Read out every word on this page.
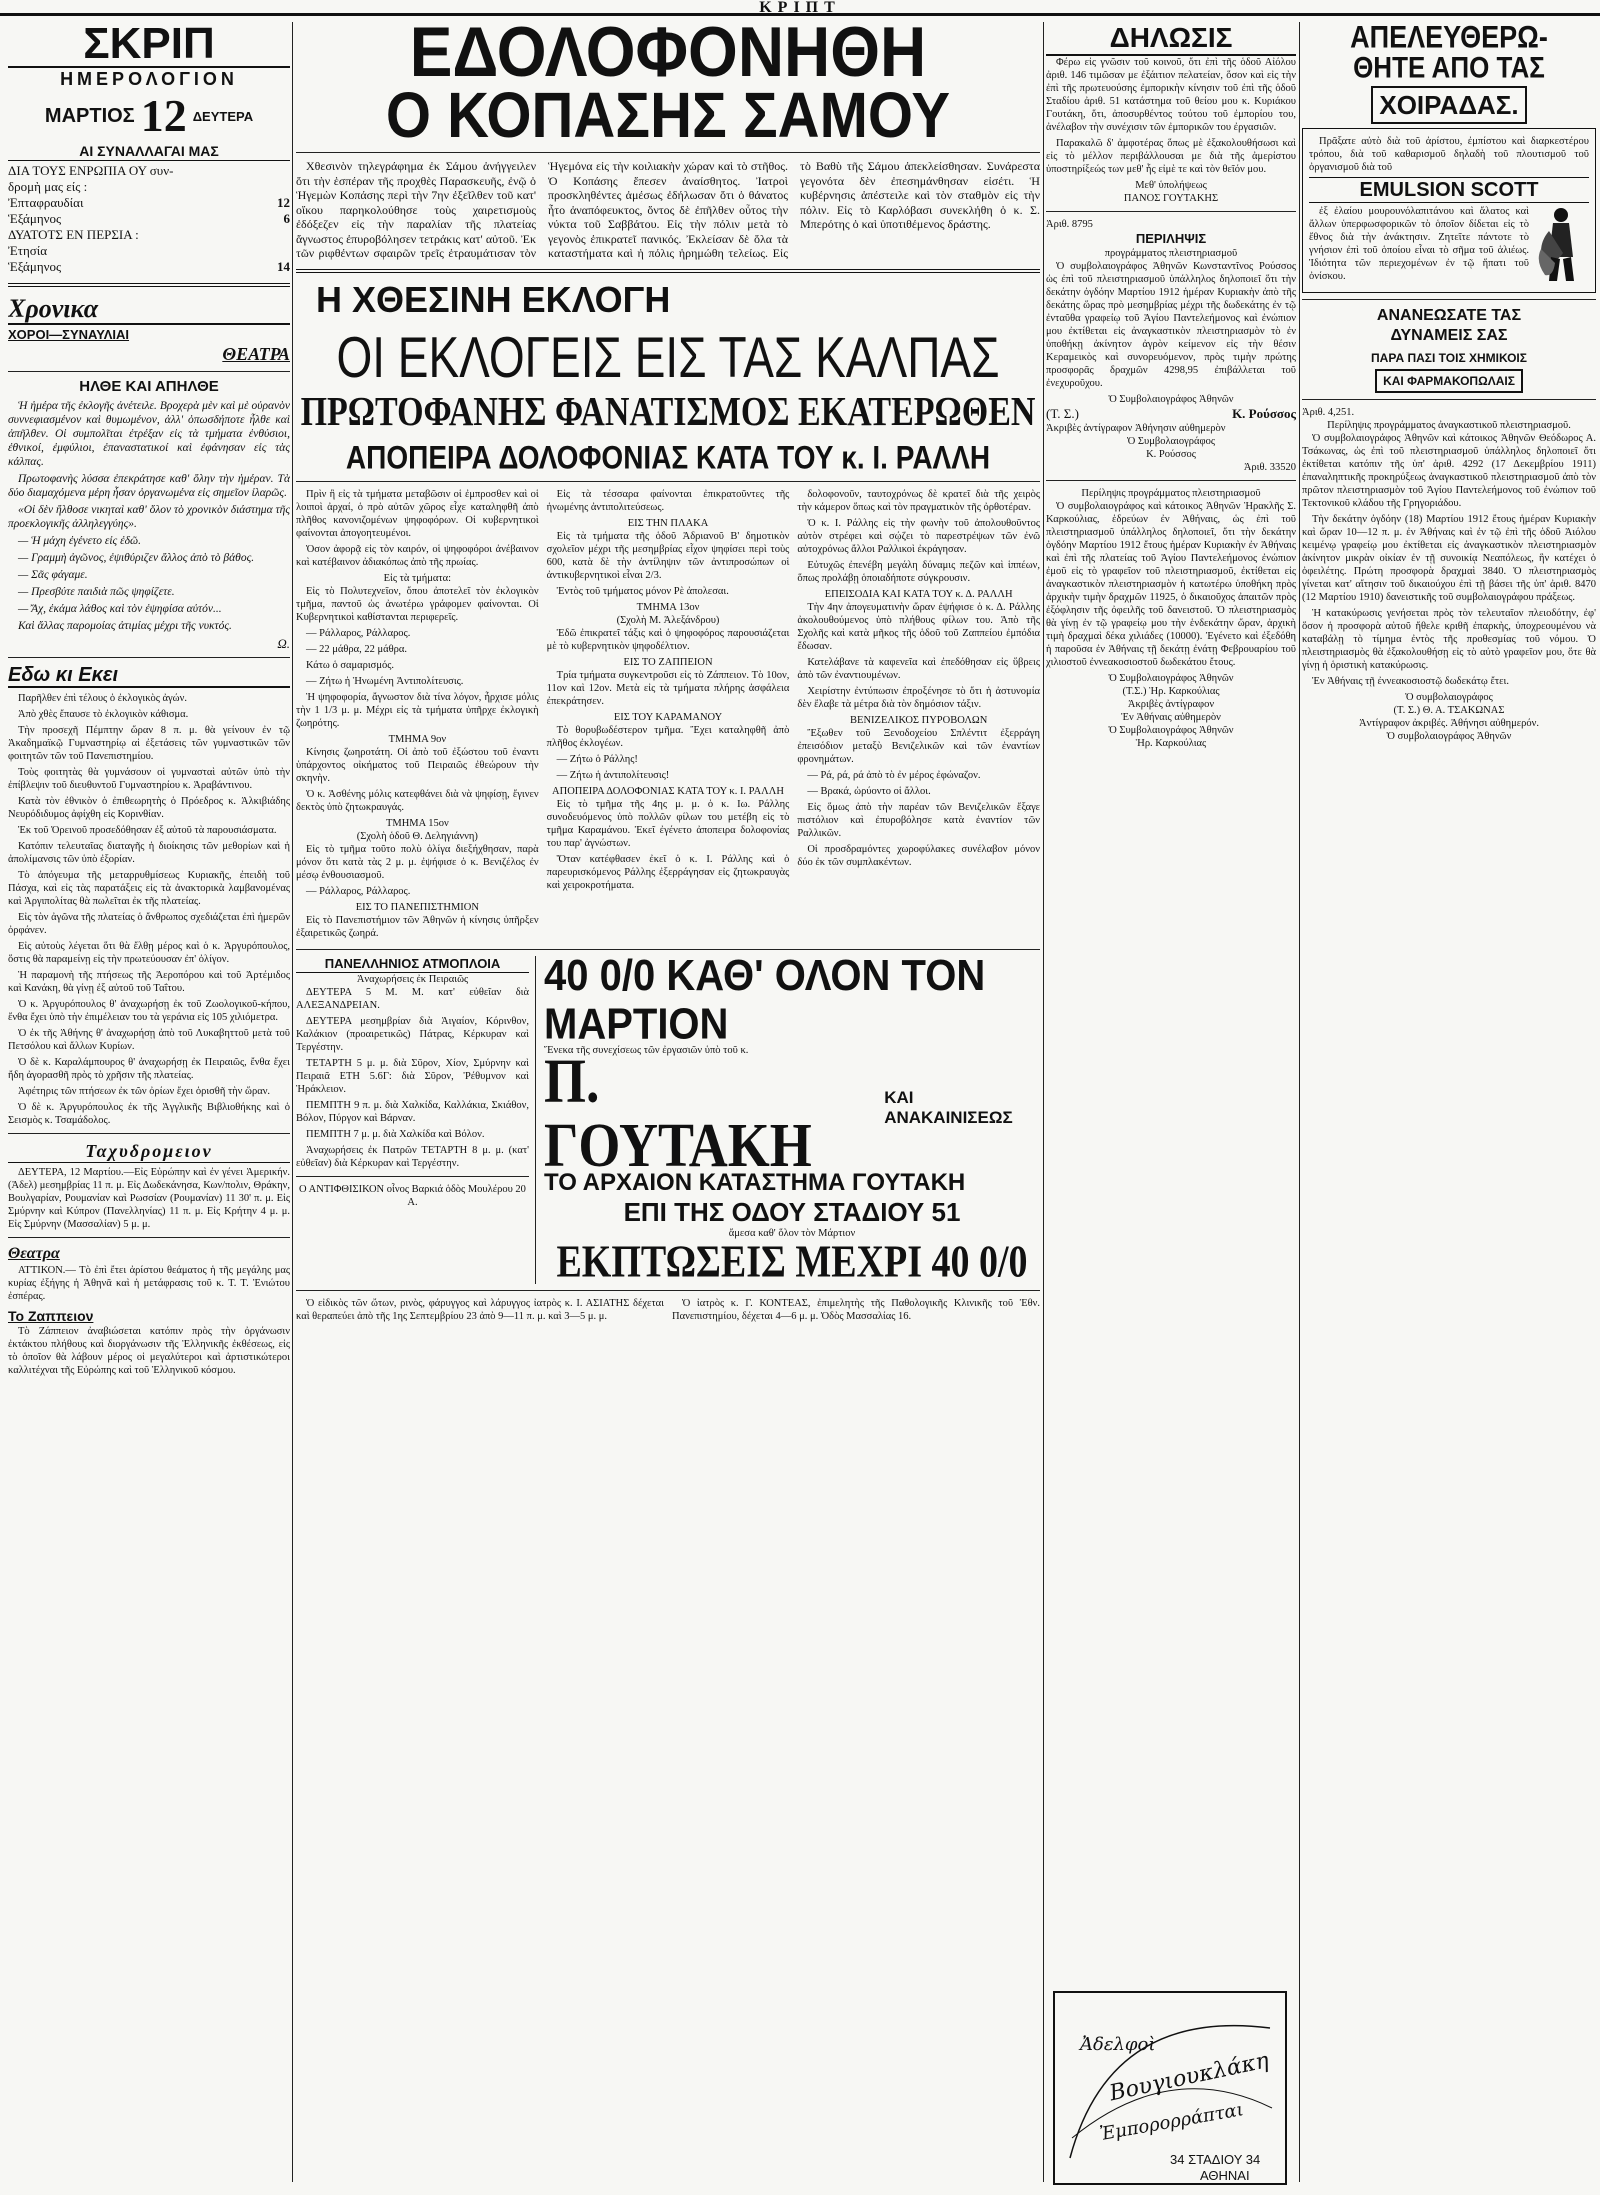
ΚΡΙΠΤ
ΣΚΡΙΠ
ΗΜΕΡΟΛΟΓΙΟΝ
ΜΑΡΤΙΟΣ 12 ΔΕΥΤΕΡΑ
ΑΙ ΣΥΝΑΛΛΑΓΑΙ ΜΑΣ
ΔΙΑ ΤΟΥΣ ΕΝΡΩΠΙΑ ΟΥ συν-
δρομὴ μας είς :
Ἐπταφραυδίαι	12
Ἑξάμηνος	6
ΔΥΑΤΟΤΣ ΕΝ ΠΕΡΣΙΑ :
Ἐτησία
Ἑξάμηνος	14
Χρονικα
ΧΟΡΟΙ—ΣΥΝΑΥΛΙΑΙ
ΘΕΑΤΡΑ
ΗΛΘΕ ΚΑΙ ΑΠΗΛΘΕ
Ἡ ἡμέρα τῆς ἐκλογῆς ἀνέτειλε. Βροχερὰ μὲν καὶ μὲ οὐρανὸν συννεφιασμένον καὶ θυμωμένον, ἀλλ' ὁπωσδήποτε ἦλθε καὶ ἀπῆλθεν. Οἱ συμπολῖται ἐτρέξαν εἰς τὰ τμήματα ἐνθύσιοι, ἐθνικοί, ἐμφύλιοι, ἐπαναστατικοί καὶ ἐφάνησαν εἰς τὰς κάλπας.
Πρωτοφανὴς λύσσα ἐπεκράτησε καθ' ὅλην τὴν ἡμέραν. Τὰ δύο διαμαχόμενα μέρη ἦσαν ὀργανωμένα εἰς σημεῖον ἰλαρῶς.
«Οἱ δὲν ἤλθοσε νικηταὶ καθ' ὅλον τὸ χρονικὸν διάστημα τῆς προεκλογικῆς ἀλληλεγγύης».
— Ἡ μάχη ἐγένετο εἰς ἐδῶ.
— Γραμμὴ ἀγῶνος, ἐψιθύριζεν ἄλλος ἀπὸ τὸ βάθος.
— Σᾶς φάγαμε.
— Πρεσβύτε παιδιὰ πῶς ψηφίζετε.
— Ἄχ, ἐκάμα λάθος καὶ τὸν ἐψηφίσα αὐτόν...
Καὶ ἄλλας παρομοίας ἀτιμίας μέχρι τῆς νυκτός.
Ω.
Εδω κι Εκει
Παρῆλθεν ἐπὶ τέλους ὁ ἐκλογικὸς ἀγών.
Ἀπὸ χθὲς ἔπαυσε τὸ ἐκλογικὸν κάθισμα.
Τὴν προσεχῆ Πέμπτην ὥραν 8 π. μ. θὰ γείνουν ἐν τῷ Ἀκαδημαϊκῷ Γυμναστηρίῳ αἱ ἐξετάσεις τῶν γυμναστικῶν τῶν φοιτητῶν τῶν τοῦ Πανεπιστημίου.
Τοὺς φοιτητὰς θὰ γυμνάσουν οἱ γυμνασταὶ αὐτῶν ὑπὸ τὴν ἐπίβλεψιν τοῦ διευθυντοῦ Γυμναστηρίου κ. Ἀραβάντινου.
Κατὰ τὸν ἐθνικὸν ὁ ἐπιθεωρητὴς ὁ Πρόεδρος κ. Ἀλκιβιάδης Νευρόδιδυμος ἀφίχθη εἰς Κορινθίαν.
Ἐκ τοῦ Ὀρεινοῦ προσεδόθησαν ἐξ αὐτοῦ τὰ παρουσιάσματα.
Κατόπιν τελευταῖας διαταγῆς ἡ διοίκησις τῶν μεθορίων καὶ ἡ ἀπολίμανσις τῶν ὑπὸ ἐξορίαν.
Τὸ ἀπόγευμα τῆς μεταρρυθμίσεως Κυριακῆς, ἐπειδὴ τοῦ Πάσχα, καὶ εἰς τὰς παρατάξεις εἰς τὰ ἀνακτορικὰ λαμβανομένας καὶ Ἀργιπολίτας θὰ πωλεῖται ἐκ τῆς πλατείας.
Εἰς τὸν ἀγῶνα τῆς πλατείας ὁ ἄνθρωπος σχεδιάζεται ἐπὶ ἡμερῶν ὀρφάνεν.
Εἰς αὐτοὺς λέγεται ὅτι θὰ ἔλθῃ μέρος καὶ ὁ κ. Ἀργυρόπουλος, ὅστις θὰ παραμείνῃ εἰς τὴν πρωτεύουσαν ἐπ' ὀλίγον.
Ἡ παραμονὴ τῆς πτήσεως τῆς Ἀεροπόρου καὶ τοῦ Ἀρτέμιδος καὶ Κανάκη, θὰ γίνῃ ἐξ αὐτοῦ τοῦ Ταΐτου.
Ὁ κ. Ἀργυρόπουλος θ' ἀναχωρήσῃ ἐκ τοῦ Ζωολογικοῦ-κήπου, ἔνθα ἔχει ὑπὸ τὴν ἐπιμέλειαν του τὰ γεράνια εἰς 105 χιλιόμετρα.
Ὁ ἐκ τῆς Ἀθήνης θ' ἀναχωρήσῃ ἀπὸ τοῦ Λυκαβηττοῦ μετὰ τοῦ Πετσόλου καὶ ἄλλων Κυρίων.
Ὁ δὲ κ. Καραλάμπουρος θ' ἀναχωρήσῃ ἐκ Πειραιῶς, ἔνθα ἔχει ἤδη ἀγορασθῆ πρὸς τὸ χρῆσιν τῆς πλατείας.
Ἀφέτηρις τῶν πτήσεων ἐκ τῶν ὀρίων ἔχει ὁρισθῆ τὴν ὥραν.
Ὁ δὲ κ. Ἀργυρόπουλος ἐκ τῆς Ἀγγλικῆς Βιβλιοθήκης καὶ ὁ Σεισμὸς κ. Τσαμάδολος.
Ταχυδρομειον
ΔΕΥΤΕΡΑ, 12 Μαρτίου.—Εἰς Εὐρώπην καὶ ἐν γένει Ἀμερικήν. (Ἀδελ) μεσημβρίας 11 π. μ. Εἰς Δωδεκάνησα, Κων/πολιν, Θράκην, Βουλγαρίαν, Ρουμανίαν καὶ Ρωσσίαν (Ρουμανίαν) 11 30' π. μ. Εἰς Σμύρνην καὶ Κύπρον (Πανελληνίας) 11 π. μ. Εἰς Κρήτην 4 μ. μ. Εἰς Σμύρνην (Μασσαλίαν) 5 μ. μ.
Θεατρα
ΑΤΤΙΚΟΝ.— Τὸ ἐπὶ ἔτει ἀρίστου θεάματος ἡ τῆς μεγάλης μας κυρίας ἐξήγης ἡ Ἀθηνᾶ καὶ ἡ μετάφρασις τοῦ κ. Τ. Τ. Ἑνιώτου ἐσπέρας.
Το Ζαππειον
Τὸ Ζάππειον ἀναβιώσεται κατόπιν πρὸς τὴν ὀργάνωσιν ἐκτάκτου πλήθους καὶ διοργάνωσιν τῆς Ἑλληνικῆς ἐκθέσεως, εἰς τὸ ὁποῖον θὰ λάβουν μέρος οἱ μεγαλύτεροι καὶ ἀρτιστικώτεροι καλλιτέχναι τῆς Εὐρώπης καὶ τοῦ Ἑλληνικοῦ κόσμου.
ΕΔΟΛΟΦΟΝΗΘΗ
Ο ΚΟΠΑΣΗΣ ΣΑΜΟΥ
Χθεσινὸν τηλεγράφημα ἐκ Σάμου ἀνήγγειλεν ὅτι τὴν ἑσπέραν τῆς προχθὲς Παρασκευῆς, ἐνῷ ὁ Ἡγεμὼν Κοπάσης περὶ τὴν 7ην ἐξεῖλθεν τοῦ κατ' οἴκου παρηκολούθησε τοὺς χαιρετισμοὺς ἐδόξεζεν εἰς τὴν παραλίαν τῆς πλατείας ἄγνωστος ἐπυροβόλησεν τετράκις κατ' αὐτοῦ. Ἐκ τῶν ριφθέντων σφαιρῶν τρεῖς ἐτραυμάτισαν τὸν Ἡγεμόνα εἰς τὴν κοιλιακὴν χώραν καὶ τὸ στῆθος. Ὁ Κοπάσης ἔπεσεν ἀναίσθητος. Ἰατροὶ προσκληθέντες ἀμέσως ἐδήλωσαν ὅτι ὁ θάνατος ἦτο ἀναπόφευκτος, ὄντος δὲ ἐπῆλθεν οὗτος τὴν νύκτα τοῦ Σαββάτου. Εἰς τὴν πόλιν μετὰ τὸ γεγονὸς ἐπικρατεῖ πανικός. Ἐκλείσαν δὲ ὅλα τὰ καταστήματα καὶ ἡ πόλις ἠρημώθη τελείως. Εἰς τὸ Βαθὺ τῆς Σάμου ἀπεκλείσθησαν. Συνάρεστα γεγονότα δὲν ἐπεσημάνθησαν εἰσέτι. Ἡ κυβέρνησις ἀπέστειλε καὶ τὸν σταθμὸν εἰς τὴν πόλιν. Εἰς τὸ Καρλόβασι συνεκλήθη ὁ κ. Σ. Μπερότης ὁ καὶ ὑποτιθέμενος δράστης.
Η ΧΘΕΣΙΝΗ ΕΚΛΟΓΗ
ΟΙ ΕΚΛΟΓΕΙΣ ΕΙΣ ΤΑΣ ΚΑΛΠΑΣ
ΠΡΩΤΟΦΑΝΗΣ ΦΑΝΑΤΙΣΜΟΣ ΕΚΑΤΕΡΩΘΕΝ
ΑΠΟΠΕΙΡΑ ΔΟΛΟΦΟΝΙΑΣ ΚΑΤΑ ΤΟΥ κ. Ι. ΡΑΛΛΗ
Πρὶν ἢ εἰς τὰ τμήματα μεταβῶσιν οἱ ἐμπροσθεν καὶ οἱ λοιποὶ ἀρχαί, ὁ πρὸ αὐτῶν χῶρος εἶχε καταληφθῆ ἀπὸ πλῆθος κανονιζομένων ψηφοφόρων. Οἱ κυβερνητικοὶ φαίνονται ἀπογοητευμένοι.
Ὁσον ἀφορᾷ εἰς τὸν καιρόν, οἱ ψηφοφόροι ἀνέβαινον καὶ κατέβαινον ἀδιακόπως ἀπὸ τῆς πρωίας.
Εἰς τὰ τμήματα:
Εἰς τὸ Πολυτεχνεῖον, ὅπου ἀποτελεῖ τὸν ἐκλογικὸν τμῆμα, παντοῦ ὡς ἀνωτέρω γράφομεν φαίνονται. Οἱ Κυβερνητικοὶ καθίστανται περιφερεῖς.
— Ράλλαρος, Ράλλαρος.
— 22 μάθρα, 22 μάθρα.
Κάτω ὁ σαμαρισμός.
— Ζήτω ἡ Ἡνωμένη Ἀντιπολίτευσις.
Ἡ ψηφοφορία, ἄγνωστον διὰ τίνα λόγον, ἦρχισε μόλις τὴν 1 1/3 μ. μ. Μέχρι εἰς τὰ τμήματα ὑπῆρχε ἐκλογικὴ ζωηρότης.
ΤΜΗΜΑ 9ον
Κίνησις ζωηροτάτη. Οἱ ἀπὸ τοῦ ἐξώστου τοῦ ἐναντι ὑπάρχοντος οἰκήματος τοῦ Πειραιῶς ἐθεώρουν τὴν σκηνὴν.
Ὁ κ. Ἀσθένης μόλις κατεφθάνει διὰ νὰ ψηφίσῃ, ἔγινεν δεκτὸς ὑπὸ ζητωκραυγάς.
ΤΜΗΜΑ 15ον
(Σχολὴ ὁδοῦ Θ. Δεληγιάννη)
Εἰς τὸ τμῆμα τοῦτο πολὺ ὀλίγα διεξήχθησαν, παρὰ μόνον ὅτι κατὰ τὰς 2 μ. μ. ἐψήφισε ὁ κ. Βενιζέλος ἐν μέσῳ ἐνθουσιασμοῦ.
— Ράλλαρος, Ράλλαρος.
ΕΙΣ ΤΟ ΠΑΝΕΠΙΣΤΗΜΙΟΝ
Εἰς τὸ Πανεπιστήμιον τῶν Ἀθηνῶν ἡ κίνησις ὑπῆρξεν ἐξαιρετικῶς ζωηρά.
Εἰς τὰ τέσσαρα φαίνονται ἐπικρατοῦντες τῆς ἡνωμένης ἀντιπολιτεύσεως.
ΕΙΣ ΤΗΝ ΠΛΑΚΑ
Εἰς τὰ τμήματα τῆς ὁδοῦ Ἀδριανοῦ Β' δημοτικὸν σχολεῖον μέχρι τῆς μεσημβρίας εἶχον ψηφίσει περὶ τοὺς 600, κατὰ δὲ τὴν ἀντίληψιν τῶν ἀντιπροσώπων οἱ ἀντικυβερνητικοὶ εἶναι 2/3.
Ἐντὸς τοῦ τμήματος μόνον Ρὲ ἀπολεσαι.
ΤΜΗΜΑ 13ον
(Σχολὴ Μ. Ἀλεξάνδρου)
Ἐδῶ ἐπικρατεῖ τάξις καὶ ὁ ψηφοφόρος παρουσιάζεται μὲ τὸ κυβερνητικὸν ψηφοδέλτιον.
ΕΙΣ ΤΟ ΖΑΠΠΕΙΟΝ
Τρία τμήματα συγκεντροῦσι εἰς τὸ Ζάππειον. Τὸ 10ον, 11ον καὶ 12ον. Μετὰ εἰς τὰ τμήματα πλήρης ἀσφάλεια ἐπεκράτησεν.
ΕΙΣ ΤΟΥ ΚΑΡΑΜΑΝΟΥ
Τὸ θορυβωδέστερον τμῆμα. Ἔχει καταληφθῆ ἀπὸ πλῆθος ἐκλογέων.
— Ζήτω ὁ Ράλλης!
— Ζήτω ἡ ἀντιπολίτευσις!
ΑΠΟΠΕΙΡΑ ΔΟΛΟΦΟΝΙΑΣ ΚΑΤΑ ΤΟΥ κ. Ι. ΡΑΛΛΗ
Εἰς τὸ τμῆμα τῆς 4ης μ. μ. ὁ κ. Ιω. Ράλλης συνοδευόμενος ὑπὸ πολλῶν φίλων του μετέβη εἰς τὸ τμῆμα Καραμάνου. Ἐκεῖ ἐγένετο ἀποπειρα δολοφονίας του παρ' ἀγνώστων.
Ὅταν κατέφθασεν ἐκεῖ ὁ κ. Ι. Ράλλης καὶ ὁ παρευρισκόμενος Ράλλης ἐξερράγησαν εἰς ζητωκραυγὰς καὶ χειροκροτήματα.
δολοφονοῦν, ταυτοχρόνως δὲ κρατεῖ διὰ τῆς χειρὸς τὴν κάμερον ὅπως καὶ τὸν πραγματικὸν τῆς ὀρθοτέραν.
Ὁ κ. Ι. Ράλλης εἰς τὴν φωνὴν τοῦ ἀπολουθοῦντος αὐτὸν στρέφει καὶ σῴζει τὸ παρεστρέψων τῶν ἐνῶ αὐτοχρόνως ἄλλοι Ραλλικοὶ ἐκράγησαν.
Εὐτυχῶς ἐπενέβη μεγάλη δύναμις πεζῶν καὶ ἱππέων, ὅπως προλάβῃ ὁποιαδήποτε σύγκρουσιν.
ΕΠΕΙΣΟΔΙΑ ΚΑΙ ΚΑΤΑ ΤΟΥ κ. Δ. ΡΑΛΛΗ
Τὴν 4ην ἀπογευματινὴν ὥραν ἐψήφισε ὁ κ. Δ. Ράλλης ἀκολουθούμενος ὑπὸ πλήθους φίλων του. Ἀπὸ τῆς Σχολῆς καὶ κατὰ μῆκος τῆς ὁδοῦ τοῦ Ζαππείου ἐμπόδια ἔδωσαν.
Κατελάβανε τὰ καφενεῖα καὶ ἐπεδόθησαν εἰς ὕβρεις ἀπὸ τῶν ἐναντιουμένων.
Χειρίστην ἐντύπωσιν ἐπροξένησε τὸ ὅτι ἡ ἀστυνομία δὲν ἔλαβε τὰ μέτρα διὰ τὸν δημόσιον τάξιν.
ΒΕΝΙΖΕΛΙΚΟΣ ΠΥΡΟΒΟΛΩΝ
Ἔξωθεν τοῦ Ξενοδοχείου Σπλέντιτ ἐξερράγη ἐπεισόδιον μεταξὺ Βενιζελικῶν καὶ τῶν ἐναντίων φρονημάτων.
— Ρά, ρά, ρά ἀπὸ τὸ ἐν μέρος ἐφώναζον.
— Βρακά, ὠρύοντο οἱ ἄλλοι.
Εἰς ὅμως ἀπὸ τὴν παρέαν τῶν Βενιζελικῶν ἔξαγε πιστόλιον καὶ ἐπυροβόλησε κατὰ ἐναντίον τῶν Ραλλικῶν.
Οἱ προσδραμόντες χωροφύλακες συνέλαβον μόνον δύο ἐκ τῶν συμπλακέντων.
ΠΑΝΕΛΛΗΝΙΟΣ ΑΤΜΟΠΛΟΙΑ
Ἀναχωρήσεις ἐκ Πειραιῶς
ΔΕΥΤΕΡΑ 5 Μ. Μ. κατ' εὐθεῖαν διὰ ΑΛΕΞΑΝΔΡΕΙΑΝ.
ΔΕΥΤΕΡΑ μεσημβρίαν διὰ Ἀιγαίον, Κόρινθον, Καλάκιον (προαιρετικῶς) Πάτρας, Κέρκυραν καὶ Τεργέστην.
ΤΕΤΑΡΤΗ 5 μ. μ. διὰ Σῦρον, Χίον, Σμύρνην καὶ Πειραιᾶ ΕΤΗ 5.6Γ: διὰ Σῦρον, Ῥέθυμνον καὶ Ἡράκλειον.
ΠΕΜΠΤΗ 9 π. μ. διὰ Χαλκίδα, Καλλάκια, Σκιάθον, Βόλον, Πύργον καὶ Βάρναν.
ΠΕΜΠΤΗ 7 μ. μ. διὰ Χαλκίδα καὶ Βόλον.
Ἀναχωρήσεις ἐκ Πατρῶν ΤΕΤΑΡΤΗ 8 μ. μ. (κατ' εὐθεῖαν) διὰ Κέρκυραν καὶ Τεργέστην.
Ο ΑΝΤΙΦΘΙΣΙΚΟΝ οἶνος Βαρκιά ὁδὸς Μουλέρου 20 Α.
40 0/0 ΚΑΘ' ΟΛΟΝ ΤΟΝ ΜΑΡΤΙΟΝ
Ἕνεκα τῆς συνεχίσεως τῶν ἐργασιῶν ὑπὸ τοῦ κ.
Π. ΓΟΥΤΑΚΗ
ΚΑΙ ΑΝΑΚΑΙΝΙΣΕΩΣ
ΤΟ ΑΡΧΑΙΟΝ ΚΑΤΑΣΤΗΜΑ ΓΟΥΤΑΚΗ
ΕΠΙ ΤΗΣ ΟΔΟΥ ΣΤΑΔΙΟΥ 51
ἄμεσα καθ' ὅλον τὸν Μάρτιον
ΕΚΠΤΩΣΕΙΣ ΜΕΧΡΙ 40 0/0
Ὁ εἰδικὸς τῶν ὤτων, ρινὸς, φάρυγγος καὶ λάρυγγος ἰατρὸς κ. Ι. ΑΣΙΑΤΗΣ δέχεται καὶ θεραπεύει ἀπὸ τῆς 1ης Σεπτεμβρίου 23 ἀπὸ 9—11 π. μ. καὶ 3—5 μ. μ.
Ὁ ἰατρὸς κ. Γ. ΚΟΝΤΕΑΣ, ἐπιμελητὴς τῆς Παθολογικῆς Κλινικῆς τοῦ Ἐθν. Πανεπιστημίου, δέχεται 4—6 μ. μ. Ὁδὸς Μασσαλίας 16.
ΔΗΛΩΣΙΣ
Φέρω εἰς γνῶσιν τοῦ κοινοῦ, ὅτι ἐπὶ τῆς ὁδοῦ Αἰόλου ἀριθ. 146 τιμῶσαν με ἐξάιτιον πελατείαν, ὅσον καὶ εἰς τὴν ἐπὶ τῆς πρωτευούσης ἐμπορικὴν κίνησιν τοῦ ἐπὶ τῆς ὁδοῦ Σταδίου ἀριθ. 51 κατάστημα τοῦ θείου μου κ. Κυριάκου Γουτάκη, ὅτι, ἀποσυρθέντος τούτου τοῦ ἐμπορίου του, ἀνέλαβον τὴν συνέχισιν τῶν ἐμπορικῶν του ἐργασιῶν.
Παρακαλῶ δ' ἀμφοτέρας ὅπως μὲ ἐξακολουθήσωσι καὶ εἰς τὸ μέλλον περιβάλλουσαι με διὰ τῆς ἀμερίστου ὑποστηρίξεώς των μεθ' ἧς εἰμὲ τε καὶ τὸν θεῖόν μου.
Μεθ' ὑπολήψεως
ΠΑΝΟΣ ΓΟΥΤΑΚΗΣ
Ἀριθ. 8795
ΠΕΡΙΛΗΨΙΣ
προγράμματος πλειστηριασμοῦ
Ὁ συμβολαιογράφος Ἀθηνῶν Κωνσταντῖνος Ρούσσος ὡς ἐπὶ τοῦ πλειστηριασμοῦ ὑπάλληλος δηλοποιεῖ ὅτι τὴν δεκάτην ὀγδόην Μαρτίου 1912 ἡμέραν Κυριακὴν ἀπὸ τῆς δεκάτης ὥρας πρὸ μεσημβρίας μέχρι τῆς δωδεκάτης ἐν τῷ ἐνταῦθα γραφείῳ τοῦ Ἁγίου Παντελεήμονος καὶ ἐνώπιον μου ἐκτίθεται εἰς ἀναγκαστικὸν πλειστηριασμὸν τὸ ἐν ὑποθήκῃ ἀκίνητον ἀγρὸν κείμενον εἰς τὴν θέσιν Κεραμεικὸς καὶ συνορευόμενον, πρὸς τιμὴν πρώτης προσφορᾶς δραχμῶν 4298,95 ἐπιβάλλεται τοῦ ἐνεχυροῦχου.
Ὁ Συμβολαιογράφος Ἀθηνῶν
(Τ. Σ.)	Κ. Ρούσσος
Ἀκριβὲς ἀντίγραφον Ἀθήνησιν αὐθημερὸν
Ὁ Συμβολαιογράφος
Κ. Ρούσσος
Ἀριθ. 33520
Περίληψις προγράμματος πλειστηριασμοῦ
Ὁ συμβολαιογράφος καὶ κάτοικος Ἀθηνῶν Ἡρακλῆς Σ. Καρκούλιας, ἑδρεύων ἐν Ἀθήναις, ὡς ἐπὶ τοῦ πλειστηριασμοῦ ὑπάλληλος δηλοποιεῖ, ὅτι τὴν δεκάτην ὀγδόην Μαρτίου 1912 ἔτους ἡμέραν Κυριακὴν ἐν Ἀθήναις καὶ ἐπὶ τῆς πλατείας τοῦ Ἁγίου Παντελεήμονος ἐνώπιον ἐμοῦ εἰς τὸ γραφεῖον τοῦ πλειστηριασμοῦ, ἐκτίθεται εἰς ἀναγκαστικὸν πλειστηριασμὸν ἡ κατωτέρω ὑποθήκη πρὸς ἀρχικὴν τιμὴν δραχμῶν 11925, ὁ δικαιοῦχος ἀπαιτῶν πρὸς ἐξόφλησιν τῆς ὀφειλῆς τοῦ δανειστοῦ. Ὁ πλειστηριασμὸς θὰ γίνῃ ἐν τῷ γραφείῳ μου τὴν ἑνδεκάτην ὥραν, ἀρχικὴ τιμὴ δραχμαὶ δέκα χιλιάδες (10000). Ἐγένετο καὶ ἐξεδόθη ἡ παροῦσα ἐν Ἀθήναις τῇ δεκάτῃ ἐνάτῃ Φεβρουαρίου τοῦ χιλιοστοῦ ἐννεακοσιοστοῦ δωδεκάτου ἔτους.
Ὁ Συμβολαιογράφος Ἀθηνῶν
(Τ.Σ.) Ἡρ. Καρκούλιας
Ἀκριβὲς ἀντίγραφον
Ἐν Ἀθήναις αὐθημερὸν
Ὁ Συμβολαιογράφος Ἀθηνῶν
Ἡρ. Καρκούλιας
ΑΠΕΛΕΥΘΕΡΩ-
ΘΗΤΕ ΑΠΟ ΤΑΣ
ΧΟΙΡΑΔΑΣ.
Πρᾶξατε αὐτὸ διὰ τοῦ ἀρίστου, ἐμπίστου καὶ διαρκεστέρου τρόπου, διὰ τοῦ καθαρισμοῦ δηλαδὴ τοῦ πλουτισμοῦ τοῦ ὀργανισμοῦ διὰ τοῦ
EMULSION SCOTT
ἐξ ἐλαίου μουρουνόλαπιτάνου καὶ ἄλατος καὶ ἄλλων ὑπερφωσφορικῶν τὸ ὁποῖον δίδεται εἰς τὸ ἔθνος διὰ τὴν ἀνάκτησιν. Ζητεῖτε πάντοτε τὸ γνήσιον ἐπὶ τοῦ ὁποίου εἶναι τὸ σῆμα τοῦ ἁλιέως. Ἰδιότητα τῶν περιεχομένων ἐν τῷ ἥπατι τοῦ ὀνίσκου.
ΑΝΑΝΕΩΣΑΤΕ ΤΑΣ
ΔΥΝΑΜΕΙΣ ΣΑΣ
ΠΑΡΑ ΠΑΣΙ ΤΟΙΣ ΧΗΜΙΚΟΙΣ
ΚΑΙ ΦΑΡΜΑΚΟΠΩΛΑΙΣ
Ἀριθ. 4,251.
Περίληψις προγράμματος ἀναγκαστικοῦ πλειστηριασμοῦ.
Ὁ συμβολαιογράφος Ἀθηνῶν καὶ κάτοικος Ἀθηνῶν Θεόδωρος Α. Τσάκωνας, ὡς ἐπὶ τοῦ πλειστηριασμοῦ ὑπάλληλος δηλοποιεῖ ὅτι ἐκτίθεται κατόπιν τῆς ὑπ' ἀριθ. 4292 (17 Δεκεμβρίου 1911) ἐπαναληπτικῆς προκηρύξεως ἀναγκαστικοῦ πλειστηριασμοῦ ἀπὸ τὸν πρῶτον πλειστηριασμὸν τοῦ Ἀγίου Παντελεήμονος τοῦ ἐνώπιον τοῦ Τεκτονικοῦ κλάδου τῆς Γρηγοριάδου.
Τὴν δεκάτην ὀγδόην (18) Μαρτίου 1912 ἔτους ἡμέραν Κυριακὴν καὶ ὥραν 10—12 π. μ. ἐν Ἀθήναις καὶ ἐν τῷ ἐπὶ τῆς ὁδοῦ Ἀιόλου κειμένῳ γραφείῳ μου ἐκτίθεται εἰς ἀναγκαστικὸν πλειστηριασμὸν ἀκίνητον μικρὰν οἰκίαν ἐν τῇ συνοικίᾳ Νεαπόλεως, ἣν κατέχει ὁ ὀφειλέτης. Πρώτη προσφορὰ δραχμαὶ 3840. Ὁ πλειστηριασμὸς γίνεται κατ' αἴτησιν τοῦ δικαιούχου ἐπὶ τῇ βάσει τῆς ὑπ' ἀριθ. 8470 (12 Μαρτίου 1910) δανειστικῆς τοῦ συμβολαιογράφου πράξεως.
Ἡ κατακύρωσις γενήσεται πρὸς τὸν τελευταῖον πλειοδότην, ἐφ' ὅσον ἡ προσφορὰ αὐτοῦ ἤθελε κριθῆ ἐπαρκὴς, ὑποχρεουμένου νὰ καταβάλῃ τὸ τίμημα ἐντὸς τῆς προθεσμίας τοῦ νόμου. Ὁ πλειστηριασμὸς θὰ ἐξακολουθήσῃ εἰς τὸ αὐτὸ γραφεῖον μου, ὅτε θὰ γίνῃ ἡ ὁριστικὴ κατακύρωσις.
Ἐν Ἀθήναις τῇ ἐννεακοσιοστῷ δωδεκάτῳ ἔτει.
Ὁ συμβολαιογράφος
(Τ. Σ.) Θ. Α. ΤΣΑΚΩΝΑΣ
Ἀντίγραφον ἀκριβές. Ἀθήνησι αὐθημερόν.
Ὁ συμβολαιογράφος Ἀθηνῶν
Ἀδελφοὶ
Βουγιουκλάκη
Ἐμπορορράπται
34 ΣΤΑΔΙΟΥ 34
ΑΘΗΝΑΙ
